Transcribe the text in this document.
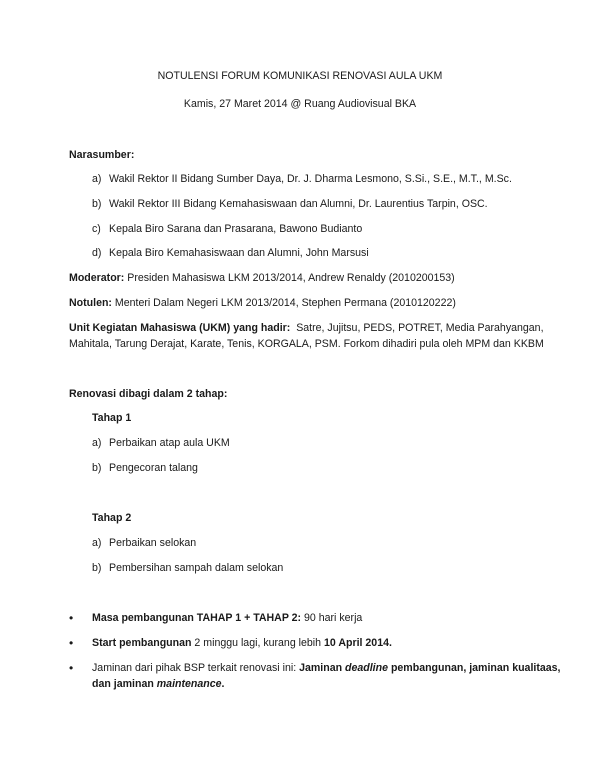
NOTULENSI FORUM KOMUNIKASI RENOVASI AULA UKM
Kamis, 27 Maret 2014 @ Ruang Audiovisual BKA
Narasumber:
a) Wakil Rektor II Bidang Sumber Daya, Dr. J. Dharma Lesmono, S.Si., S.E., M.T., M.Sc.
b) Wakil Rektor III Bidang Kemahasiswaan dan Alumni, Dr. Laurentius Tarpin, OSC.
c) Kepala Biro Sarana dan Prasarana, Bawono Budianto
d) Kepala Biro Kemahasiswaan dan Alumni, John Marsusi
Moderator: Presiden Mahasiswa LKM 2013/2014, Andrew Renaldy (2010200153)
Notulen: Menteri Dalam Negeri LKM 2013/2014, Stephen Permana (2010120222)
Unit Kegiatan Mahasiswa (UKM) yang hadir:  Satre, Jujitsu, PEDS, POTRET, Media Parahyangan,
Mahitala, Tarung Derajat, Karate, Tenis, KORGALA, PSM. Forkom dihadiri pula oleh MPM dan KKBM
Renovasi dibagi dalam 2 tahap:
Tahap 1
a) Perbaikan atap aula UKM
b) Pengecoran talang
Tahap 2
a) Perbaikan selokan
b) Pembersihan sampah dalam selokan
• Masa pembangunan TAHAP 1 + TAHAP 2: 90 hari kerja
• Start pembangunan 2 minggu lagi, kurang lebih 10 April 2014.
• Jaminan dari pihak BSP terkait renovasi ini: Jaminan deadline pembangunan, jaminan kualitaas,
dan jaminan maintenance.
